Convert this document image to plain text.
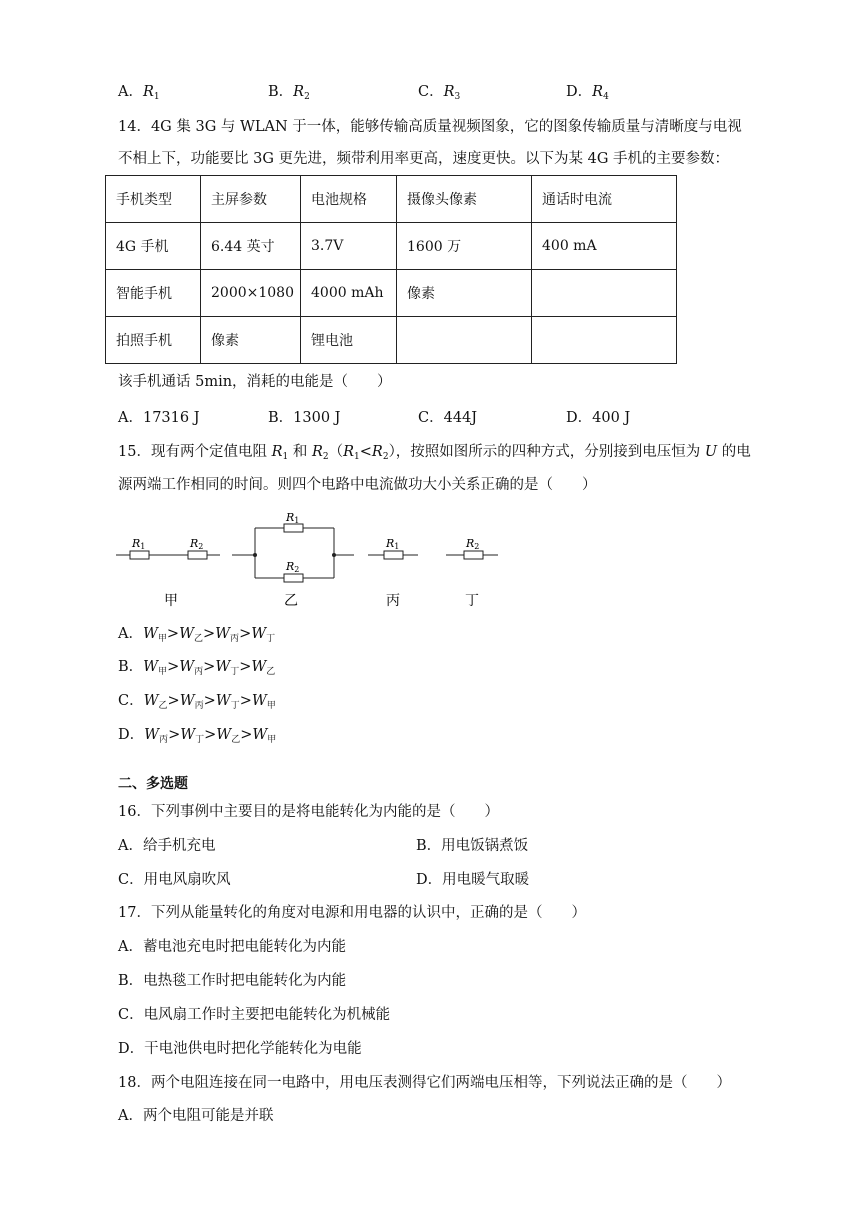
A．$R_1$	B．$R_2$	C．$R_3$	D．$R_4$
14．4G 集 3G 与 WLAN 于一体，能够传输高质量视频图象，它的图象传输质量与清晰度与电视
不相上下，功能要比 3G 更先进，频带利用率更高，速度更快。以下为某 4G 手机的主要参数：
手机类型	主屏参数	电池规格	摄像头像素	通话时电流
4G 手机	6.44 英寸	3.7V	1600 万	400 mA
智能手机	2000×1080	4000 mAh	像素	
拍照手机	像素	锂电池		
该手机通话 5min，消耗的电能是（　　）
A．17316 J	B．1300 J	C．444J	D．400 J
15．现有两个定值电阻 $R_1$ 和 $R_2(R_1<R_2)$，按照如图所示的四种方式，分别接到电压恒为 U 的电
源两端工作相同的时间。则四个电路中电流做功大小关系正确的是（　　）
R1	R2
R1
R2
R1	R2
甲	乙	丙	丁
A．$W_甲>W_乙>W_丙>W_丁$
B．$W_甲>W_丙>W_丁>W_乙$
C．$W_乙>W_丙>W_丁>W_甲$
D．$W_丙>W_丁>W_乙>W_甲$
二、多选题
16．下列事例中主要目的是将电能转化为内能的是（　　）
A．给手机充电	B．用电饭锅煮饭
C．用电风扇吹风	D．用电暖气取暖
17．下列从能量转化的角度对电源和用电器的认识中，正确的是（　　）
A．蓄电池充电时把电能转化为内能
B．电热毯工作时把电能转化为内能
C．电风扇工作时主要把电能转化为机械能
D．干电池供电时把化学能转化为电能
18．两个电阻连接在同一电路中，用电压表测得它们两端电压相等，下列说法正确的是（　　）
A．两个电阻可能是并联
